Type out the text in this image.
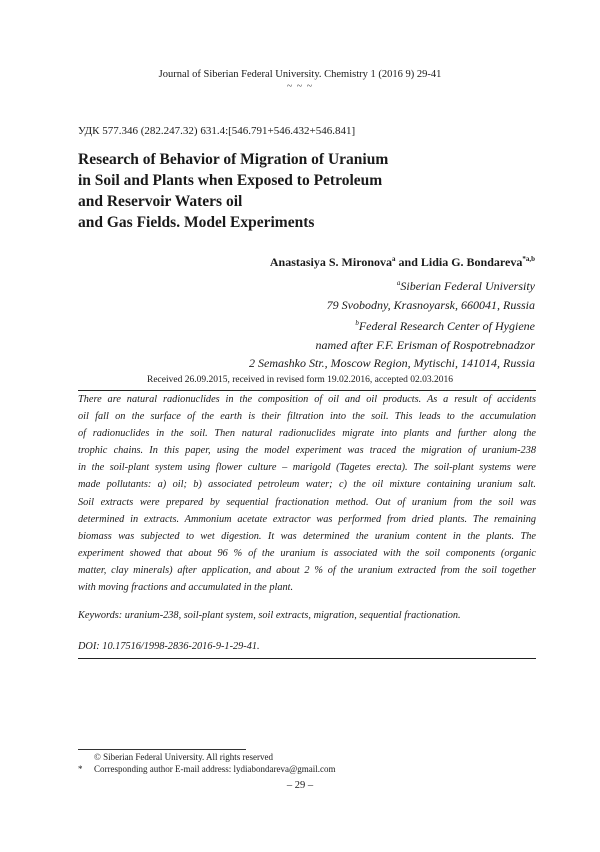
Journal of Siberian Federal University. Chemistry 1 (2016 9) 29-41
~ ~ ~
УДК 577.346 (282.247.32) 631.4:[546.791+546.432+546.841]
Research of Behavior of Migration of Uranium
in Soil and Plants when Exposed to Petroleum
and Reservoir Waters oil
and Gas Fields. Model Experiments
Anastasiya S. Mironova$^a$ and Lidia G. Bondareva$^{*a,b}$
$^a$Siberian Federal University
79 Svobodny, Krasnoyarsk, 660041, Russia
$^b$Federal Research Center of Hygiene
named after F.F. Erisman of Rospotrebnadzor
2 Semashko Str., Moscow Region, Mytischi, 141014, Russia
Received 26.09.2015, received in revised form 19.02.2016, accepted 02.03.2016
There are natural radionuclides in the composition of oil and oil products. As a result of accidents
oil fall on the surface of the earth is their filtration into the soil. This leads to the accumulation
of radionuclides in the soil. Then natural radionuclides migrate into plants and further along the
trophic chains. In this paper, using the model experiment was traced the migration of uranium-238
in the soil-plant system using flower culture – marigold (Tagetes erecta). The soil-plant systems were
made pollutants: a) oil; b) associated petroleum water; c) the oil mixture containing uranium salt.
Soil extracts were prepared by sequential fractionation method. Out of uranium from the soil was
determined in extracts. Ammonium acetate extractor was performed from dried plants. The remaining
biomass was subjected to wet digestion. It was determined the uranium content in the plants. The
experiment showed that about 96 % of the uranium is associated with the soil components (organic
matter, clay minerals) after application, and about 2 % of the uranium extracted from the soil together
with moving fractions and accumulated in the plant.
Keywords: uranium-238, soil-plant system, soil extracts, migration, sequential fractionation.
DOI: 10.17516/1998-2836-2016-9-1-29-41.
© Siberian Federal University. All rights reserved
* Corresponding author E-mail address: lydiabondareva@gmail.com
– 29 –
